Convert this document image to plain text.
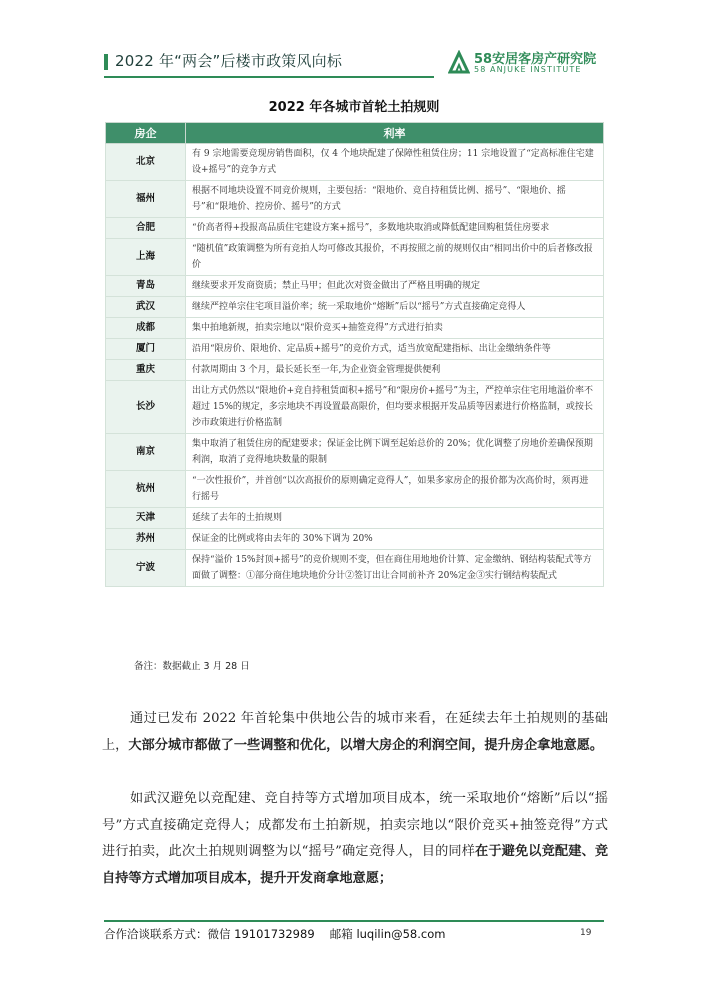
2022 年“两会”后楼市政策风向标	58安居客房产研究院
58 ANJUKE INSTITUTE
2022 年各城市首轮土拍规则
房企	利率
北京	有 9 宗地需要竞现房销售面积，仅 4 个地块配建了保障性租赁住房；11 宗地设置了“定高标准住宅建设+摇号”的竞争方式
福州	根据不同地块设置不同竞价规则，主要包括：“限地价、竞自持租赁比例、摇号”、“限地价、摇号”和“限地价、控房价、摇号”的方式
合肥	“价高者得+投报高品质住宅建设方案+摇号”，多数地块取消或降低配建回购租赁住房要求
上海	“随机值”政策调整为所有竞拍人均可修改其报价，不再按照之前的规则仅由“相同出价中的后者修改报价
青岛	继续要求开发商资质；禁止马甲；但此次对资金做出了严格且明确的规定
武汉	继续严控单宗住宅项目溢价率；统一采取地价“熔断”后以“摇号”方式直接确定竞得人
成都	集中拍地新规，拍卖宗地以“限价竞买+抽签竞得”方式进行拍卖
厦门	沿用“限房价、限地价、定品质+摇号”的竞价方式，适当放宽配建指标、出让金缴纳条件等
重庆	付款周期由 3 个月，最长延长至一年,为企业资金管理提供便利
长沙	出让方式仍然以“限地价+竞自持租赁面积+摇号”和“限房价+摇号”为主，严控单宗住宅用地溢价率不超过 15%的规定，多宗地块不再设置最高限价，但均要求根据开发品质等因素进行价格监制，或按长沙市政策进行价格监制
南京	集中取消了租赁住房的配建要求；保证金比例下调至起始总价的 20%；优化调整了房地价差确保预期利润，取消了竞得地块数量的限制
杭州	“一次性报价”，并首创“以次高报价的原则确定竞得人”，如果多家房企的报价都为次高价时，须再进行摇号
天津	延续了去年的土拍规则
苏州	保证金的比例或将由去年的 30%下调为 20%
宁波	保持“溢价 15%封顶+摇号”的竞价规则不变，但在商住用地地价计算、定金缴纳、钢结构装配式等方面做了调整：①部分商住地块地价分计②签订出让合同前补齐 20%定金③实行钢结构装配式
备注：数据截止 3 月 28 日
通过已发布 2022 年首轮集中供地公告的城市来看，在延续去年土拍规则的基础上，大部分城市都做了一些调整和优化，以增大房企的利润空间，提升房企拿地意愿。
如武汉避免以竞配建、竞自持等方式增加项目成本，统一采取地价“熔断”后以“摇号”方式直接确定竞得人；成都发布土拍新规，拍卖宗地以“限价竞买+抽签竞得”方式进行拍卖，此次土拍规则调整为以“摇号”确定竞得人，目的同样在于避免以竞配建、竞自持等方式增加项目成本，提升开发商拿地意愿；
合作洽谈联系方式：微信 19101732989　 邮箱 luqilin@58.com	19
